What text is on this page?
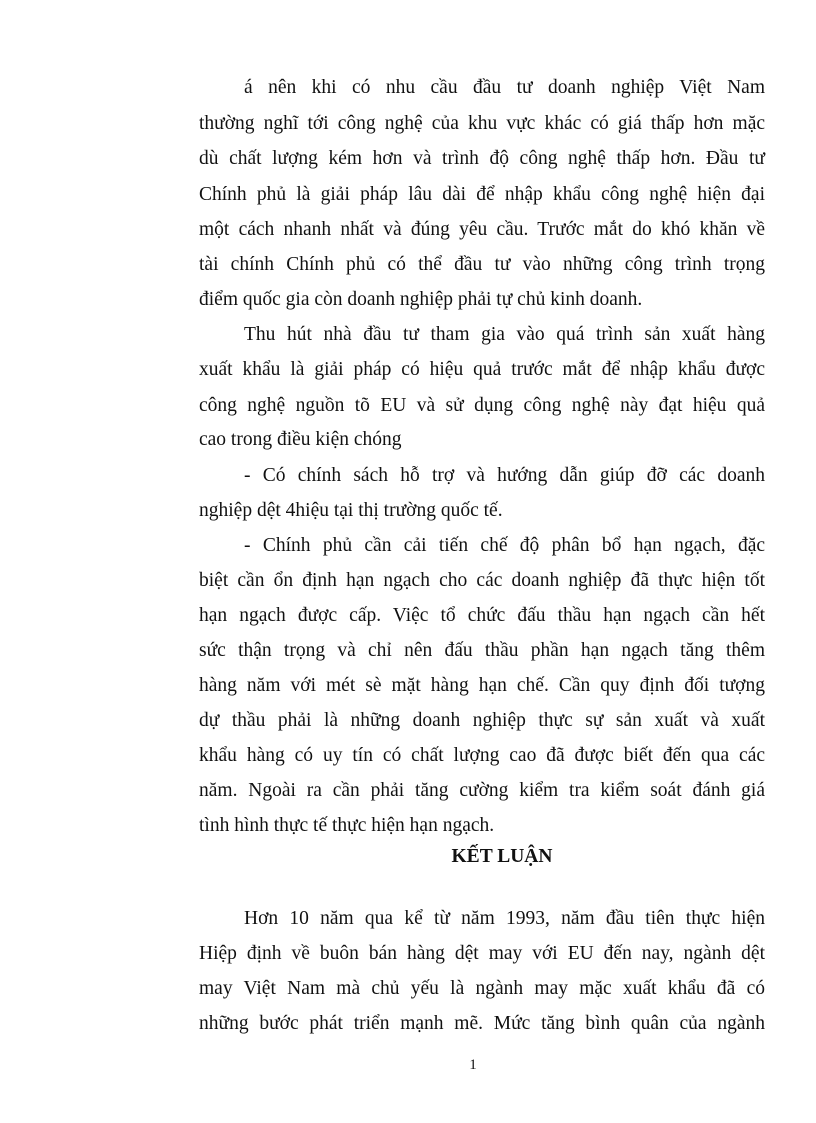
á nên khi có nhu cầu đầu tư doanh nghiệp Việt Nam
thường nghĩ tới công nghệ của khu vực khác có giá thấp hơn mặc
dù chất lượng kém hơn và trình độ công nghệ thấp hơn. Đầu tư
Chính phủ là giải pháp lâu dài để nhập khẩu công nghệ hiện đại
một cách nhanh nhất và đúng yêu cầu. Trước mắt do khó khăn về
tài chính Chính phủ có thể đầu tư vào những công trình trọng
điểm quốc gia còn doanh nghiệp phải tự chủ kinh doanh.
Thu hút nhà đầu tư tham gia vào quá trình sản xuất hàng
xuất khẩu là giải pháp có hiệu quả trước mắt để nhập khẩu được
công nghệ nguồn tõ EU và sử dụng công nghệ này đạt hiệu quả
cao trong điều kiện chóng
- Có chính sách hỗ trợ và hướng dẫn giúp đỡ các doanh
nghiệp dệt 4hiệu tại thị trường quốc tế.
- Chính phủ cần cải tiến chế độ phân bổ hạn ngạch, đặc
biệt cần ổn định hạn ngạch cho các doanh nghiệp đã thực hiện tốt
hạn ngạch được cấp. Việc tổ chức đấu thầu hạn ngạch cần hết
sức thận trọng và chỉ nên đấu thầu phần hạn ngạch tăng thêm
hàng năm với mét sè mặt hàng hạn chế. Cần quy định đối tượng
dự thầu phải là những doanh nghiệp thực sự sản xuất và xuất
khẩu hàng có uy tín có chất lượng cao đã được biết đến qua các
năm. Ngoài ra cần phải tăng cường kiểm tra kiểm soát đánh giá
tình hình thực tế thực hiện hạn ngạch.
KẾT LUẬN
Hơn 10 năm qua kể từ năm 1993, năm đầu tiên thực hiện
Hiệp định về buôn bán hàng dệt may với EU đến nay, ngành dệt
may Việt Nam mà chủ yếu là ngành may mặc xuất khẩu đã có
những bước phát triển mạnh mẽ. Mức tăng bình quân của ngành
1
